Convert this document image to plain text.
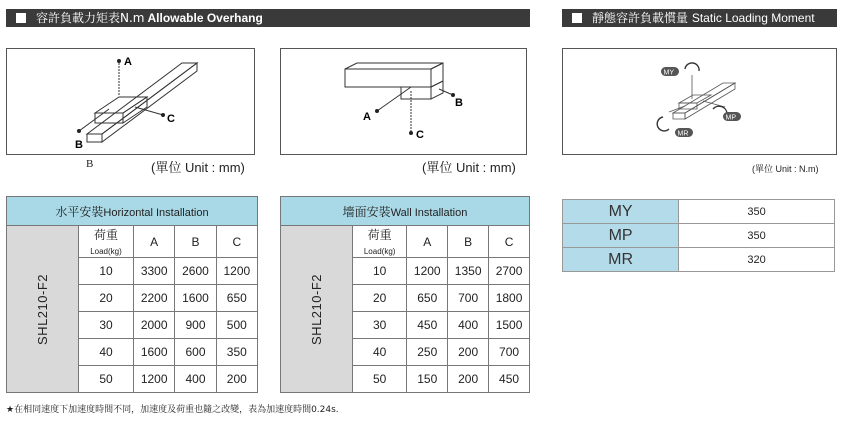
容許負載力矩表N.m Allowable Overhang	靜態容許負載慣量 Static Loading Moment
A
B
C	A
B
C
MY
MP
MR
B	(單位 Unit : mm)	(單位 Unit : mm)	(單位 Unit : N.m)
水平安裝Horizontal Installation				
SHL210-F2	荷重 Load(kg)	A	B	C
	10	3300	2600	1200
	20	2200	1600	650
	30	2000	900	500
	40	1600	600	350
	50	1200	400	200
墻面安裝Wall Installation				
SHL210-F2	荷重 Load(kg)	A	B	C
	10	1200	1350	2700
	20	650	700	1800
	30	450	400	1500
	40	250	200	700
	50	150	200	450
MY	350
MP	350
MR	320
★在相同速度下加速度時間不同，加速度及荷重也隨之改變，表為加速度時間0.24s.
